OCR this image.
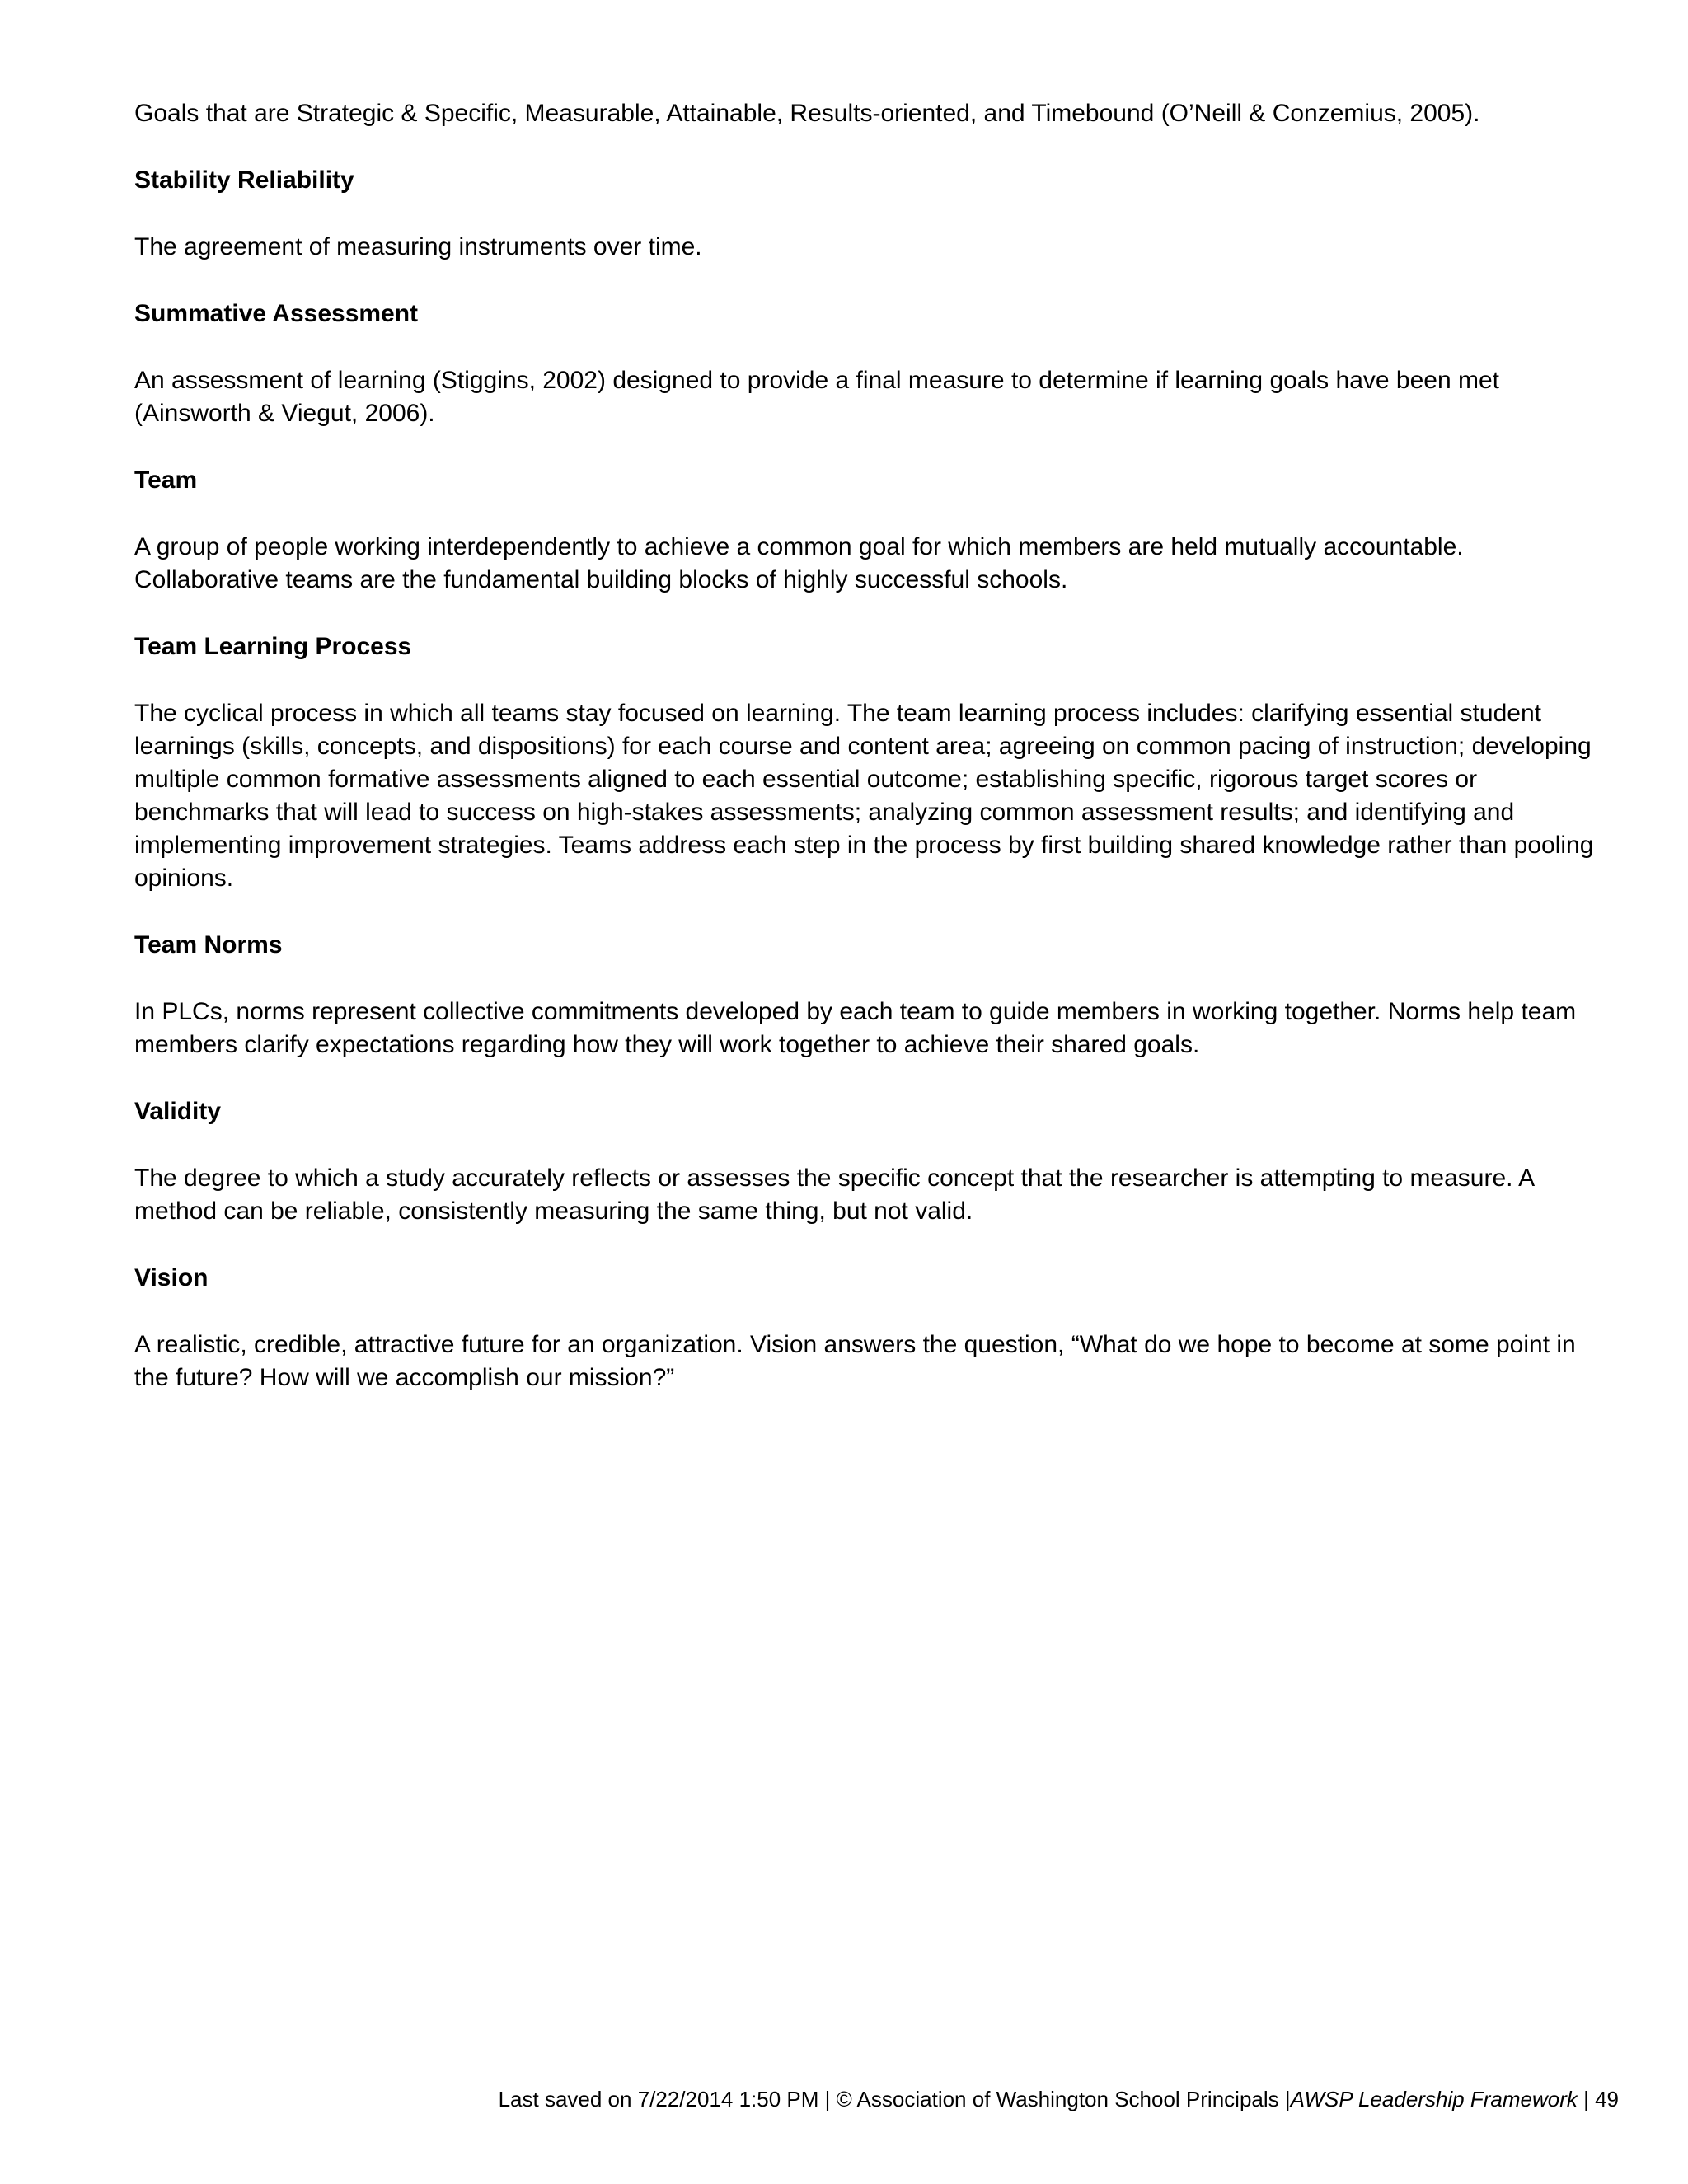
Goals that are Strategic & Specific, Measurable, Attainable, Results-oriented, and Timebound (O’Neill & Conzemius, 2005).

Stability Reliability

The agreement of measuring instruments over time.

Summative Assessment

An assessment of learning (Stiggins, 2002) designed to provide a final measure to determine if learning goals have been met (Ainsworth & Viegut, 2006).

Team

A group of people working interdependently to achieve a common goal for which members are held mutually accountable. Collaborative teams are the fundamental building blocks of highly successful schools.

Team Learning Process

The cyclical process in which all teams stay focused on learning. The team learning process includes: clarifying essential student learnings (skills, concepts, and dispositions) for each course and content area; agreeing on common pacing of instruction; developing multiple common formative assessments aligned to each essential outcome; establishing specific, rigorous target scores or benchmarks that will lead to success on high-stakes assessments; analyzing common assessment results; and identifying and implementing improvement strategies. Teams address each step in the process by first building shared knowledge rather than pooling opinions.

Team Norms

In PLCs, norms represent collective commitments developed by each team to guide members in working together. Norms help team members clarify expectations regarding how they will work together to achieve their shared goals.

Validity

The degree to which a study accurately reflects or assesses the specific concept that the researcher is attempting to measure. A method can be reliable, consistently measuring the same thing, but not valid.

Vision

A realistic, credible, attractive future for an organization. Vision answers the question, “What do we hope to become at some point in the future? How will we accomplish our mission?”

Last saved on 7/22/2014 1:50 PM | © Association of Washington School Principals |AWSP Leadership Framework | 49
